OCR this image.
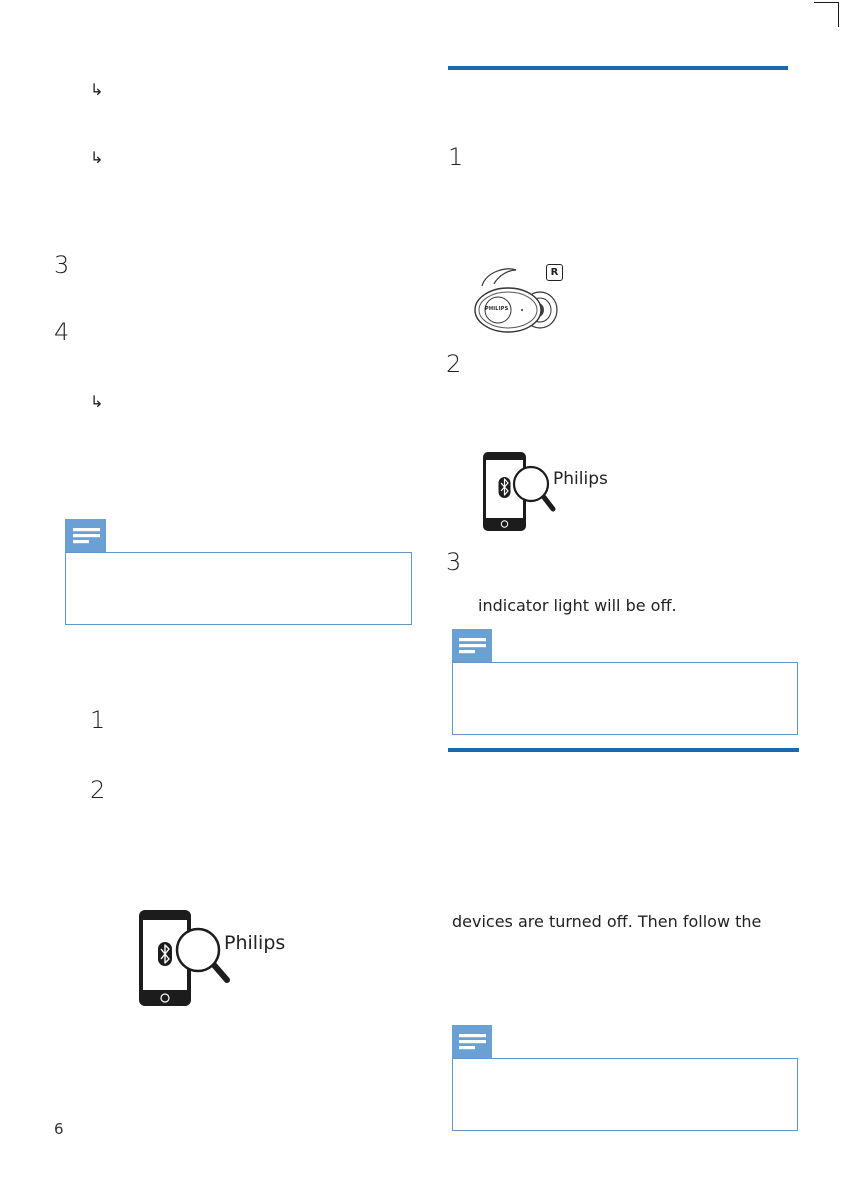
↳
↳
3
4
↳
1
2
Philips
6
1
PHILIPS
R
2
Philips
3
indicator light will be off.
devices are turned off. Then follow the
